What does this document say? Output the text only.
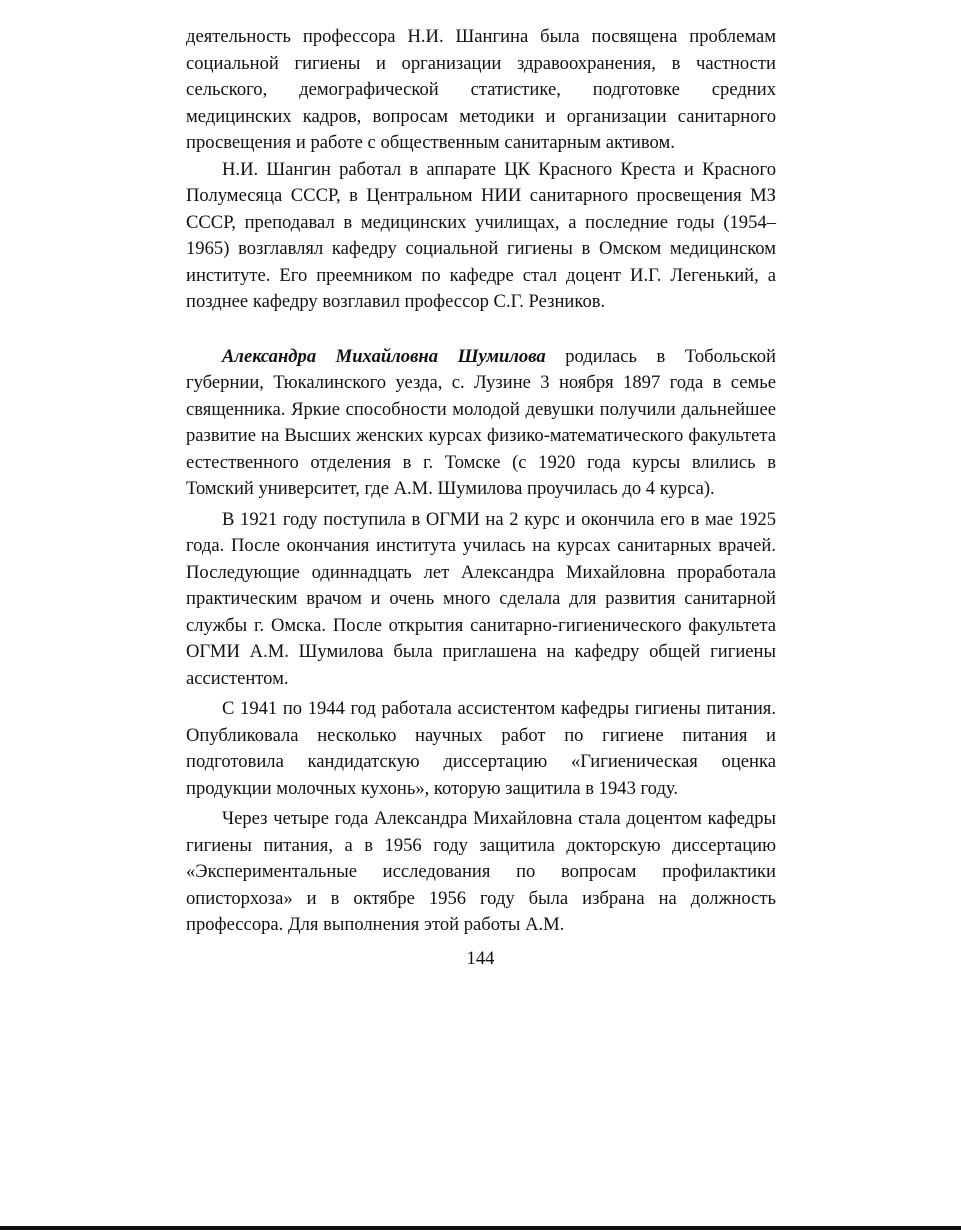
деятельность профессора Н.И. Шангина была посвящена проблемам социальной гигиены и организации здравоохранения, в частности сельского, демографической статистике, подготовке средних медицинских кадров, вопросам методики и организации санитарного просвещения и работе с общественным санитарным активом.

Н.И. Шангин работал в аппарате ЦК Красного Креста и Красного Полумесяца СССР, в Центральном НИИ санитарного просвещения МЗ СССР, преподавал в медицинских училищах, а последние годы (1954–1965) возглавлял кафедру социальной гигиены в Омском медицинском институте. Его преемником по кафедре стал доцент И.Г. Легенький, а позднее кафедру возглавил профессор С.Г. Резников.

Александра Михайловна Шумилова родилась в Тобольской губернии, Тюкалинского уезда, с. Лузине 3 ноября 1897 года в семье священника. Яркие способности молодой девушки получили дальнейшее развитие на Высших женских курсах физико-математического факультета естественного отделения в г. Томске (с 1920 года курсы влились в Томский университет, где А.М. Шумилова проучилась до 4 курса).

В 1921 году поступила в ОГМИ на 2 курс и окончила его в мае 1925 года. После окончания института училась на курсах санитарных врачей. Последующие одиннадцать лет Александра Михайловна проработала практическим врачом и очень много сделала для развития санитарной службы г. Омска. После открытия санитарно-гигиенического факультета ОГМИ А.М. Шумилова была приглашена на кафедру общей гигиены ассистентом.

С 1941 по 1944 год работала ассистентом кафедры гигиены питания. Опубликовала несколько научных работ по гигиене питания и подготовила кандидатскую диссертацию «Гигиеническая оценка продукции молочных кухонь», которую защитила в 1943 году.

Через четыре года Александра Михайловна стала доцентом кафедры гигиены питания, а в 1956 году защитила докторскую диссертацию «Экспериментальные исследования по вопросам профилактики описторхоза» и в октябре 1956 году была избрана на должность профессора. Для выполнения этой работы А.М.

144
